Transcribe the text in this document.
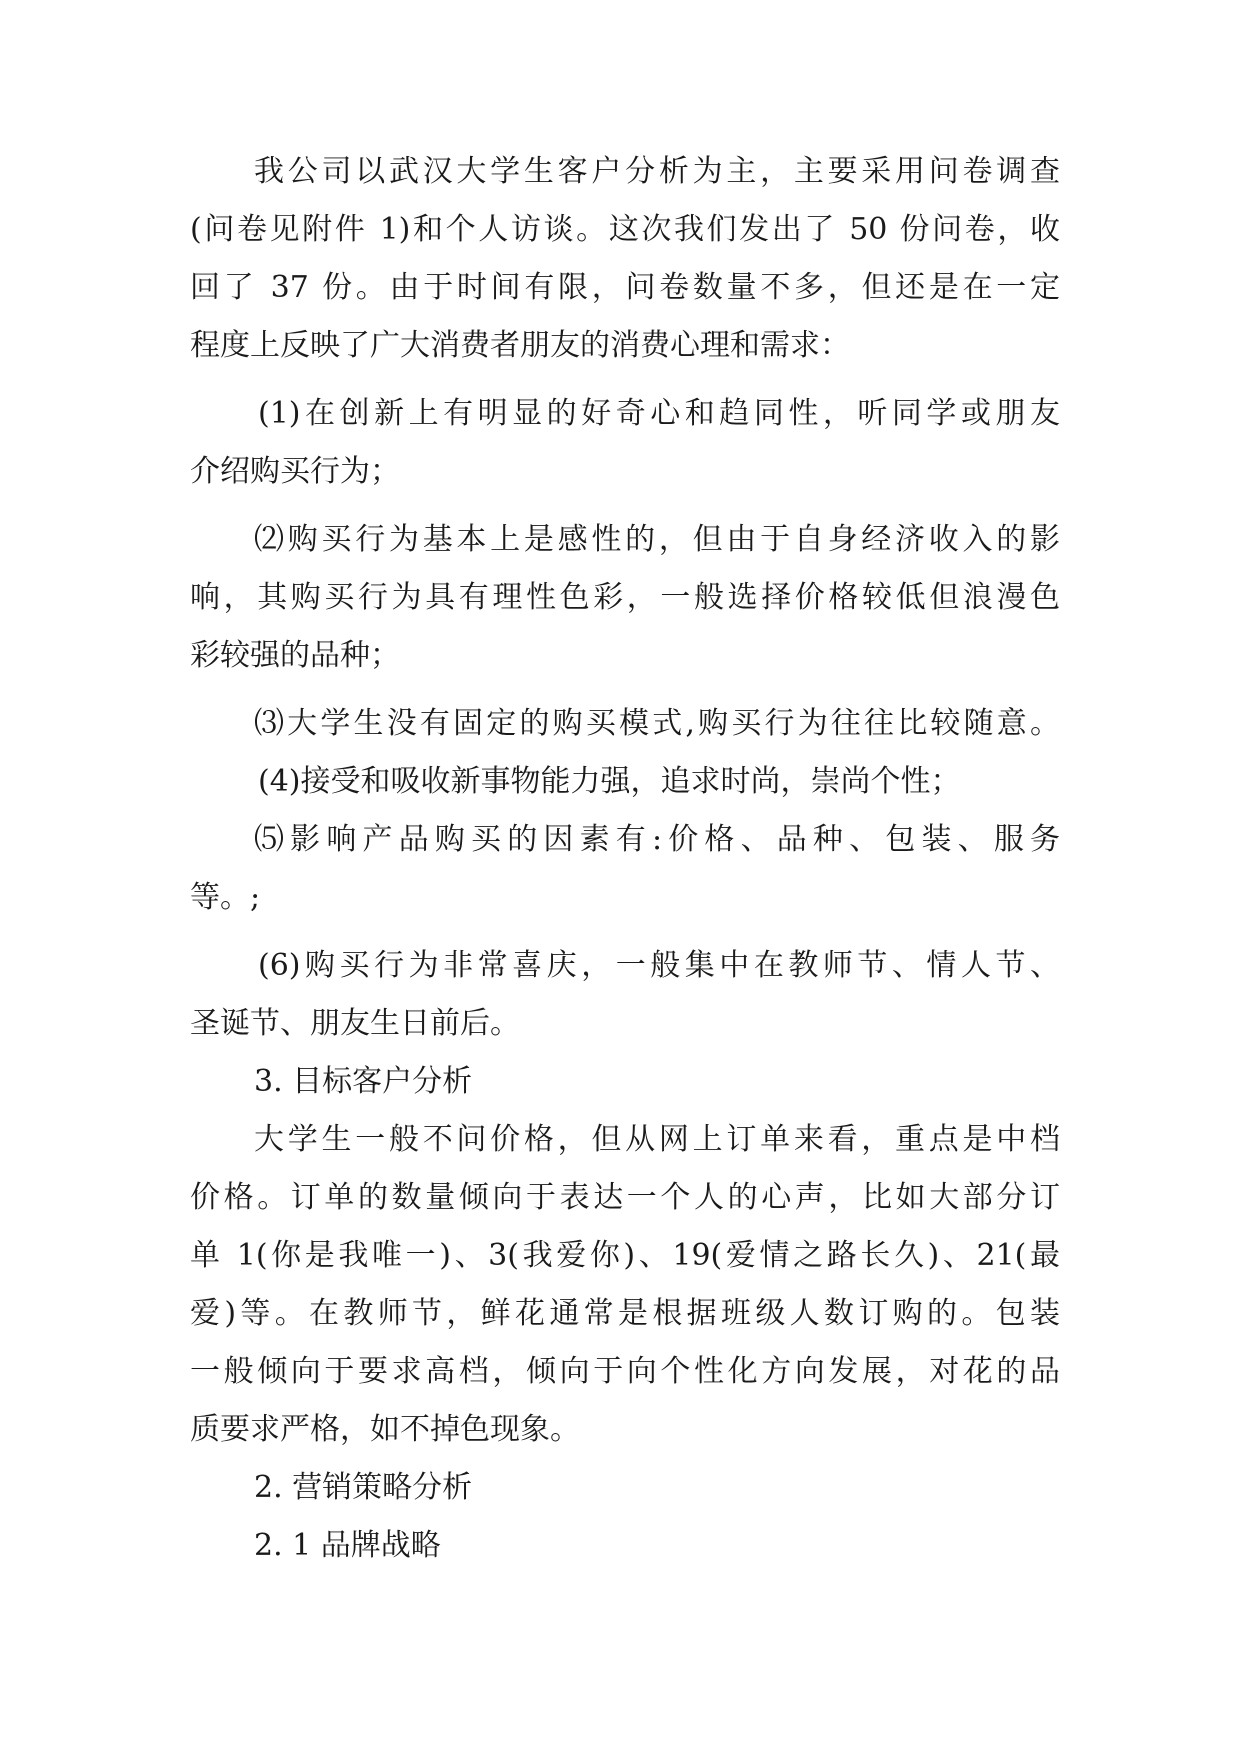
我公司以武汉大学生客户分析为主，主要采用问卷调查
(问卷见附件 1)和个人访谈。这次我们发出了 50 份问卷，收
回了 37 份。由于时间有限，问卷数量不多，但还是在一定
程度上反映了广大消费者朋友的消费心理和需求：
(1)在创新上有明显的好奇心和趋同性，听同学或朋友
介绍购买行为；
⑵购买行为基本上是感性的，但由于自身经济收入的影
响，其购买行为具有理性色彩，一般选择价格较低但浪漫色
彩较强的品种；
⑶大学生没有固定的购买模式,购买行为往往比较随意。
(4)接受和吸收新事物能力强，追求时尚，崇尚个性；
⑸影响产品购买的因素有:价格、品种、包装、服务
等。;
(6)购买行为非常喜庆，一般集中在教师节、情人节、
圣诞节、朋友生日前后。
3. 目标客户分析
大学生一般不问价格，但从网上订单来看，重点是中档
价格。订单的数量倾向于表达一个人的心声，比如大部分订
单 1(你是我唯一)、3(我爱你)、19(爱情之路长久)、21(最
爱)等。在教师节，鲜花通常是根据班级人数订购的。包装
一般倾向于要求高档，倾向于向个性化方向发展，对花的品
质要求严格，如不掉色现象。
2. 营销策略分析
2. 1 品牌战略
